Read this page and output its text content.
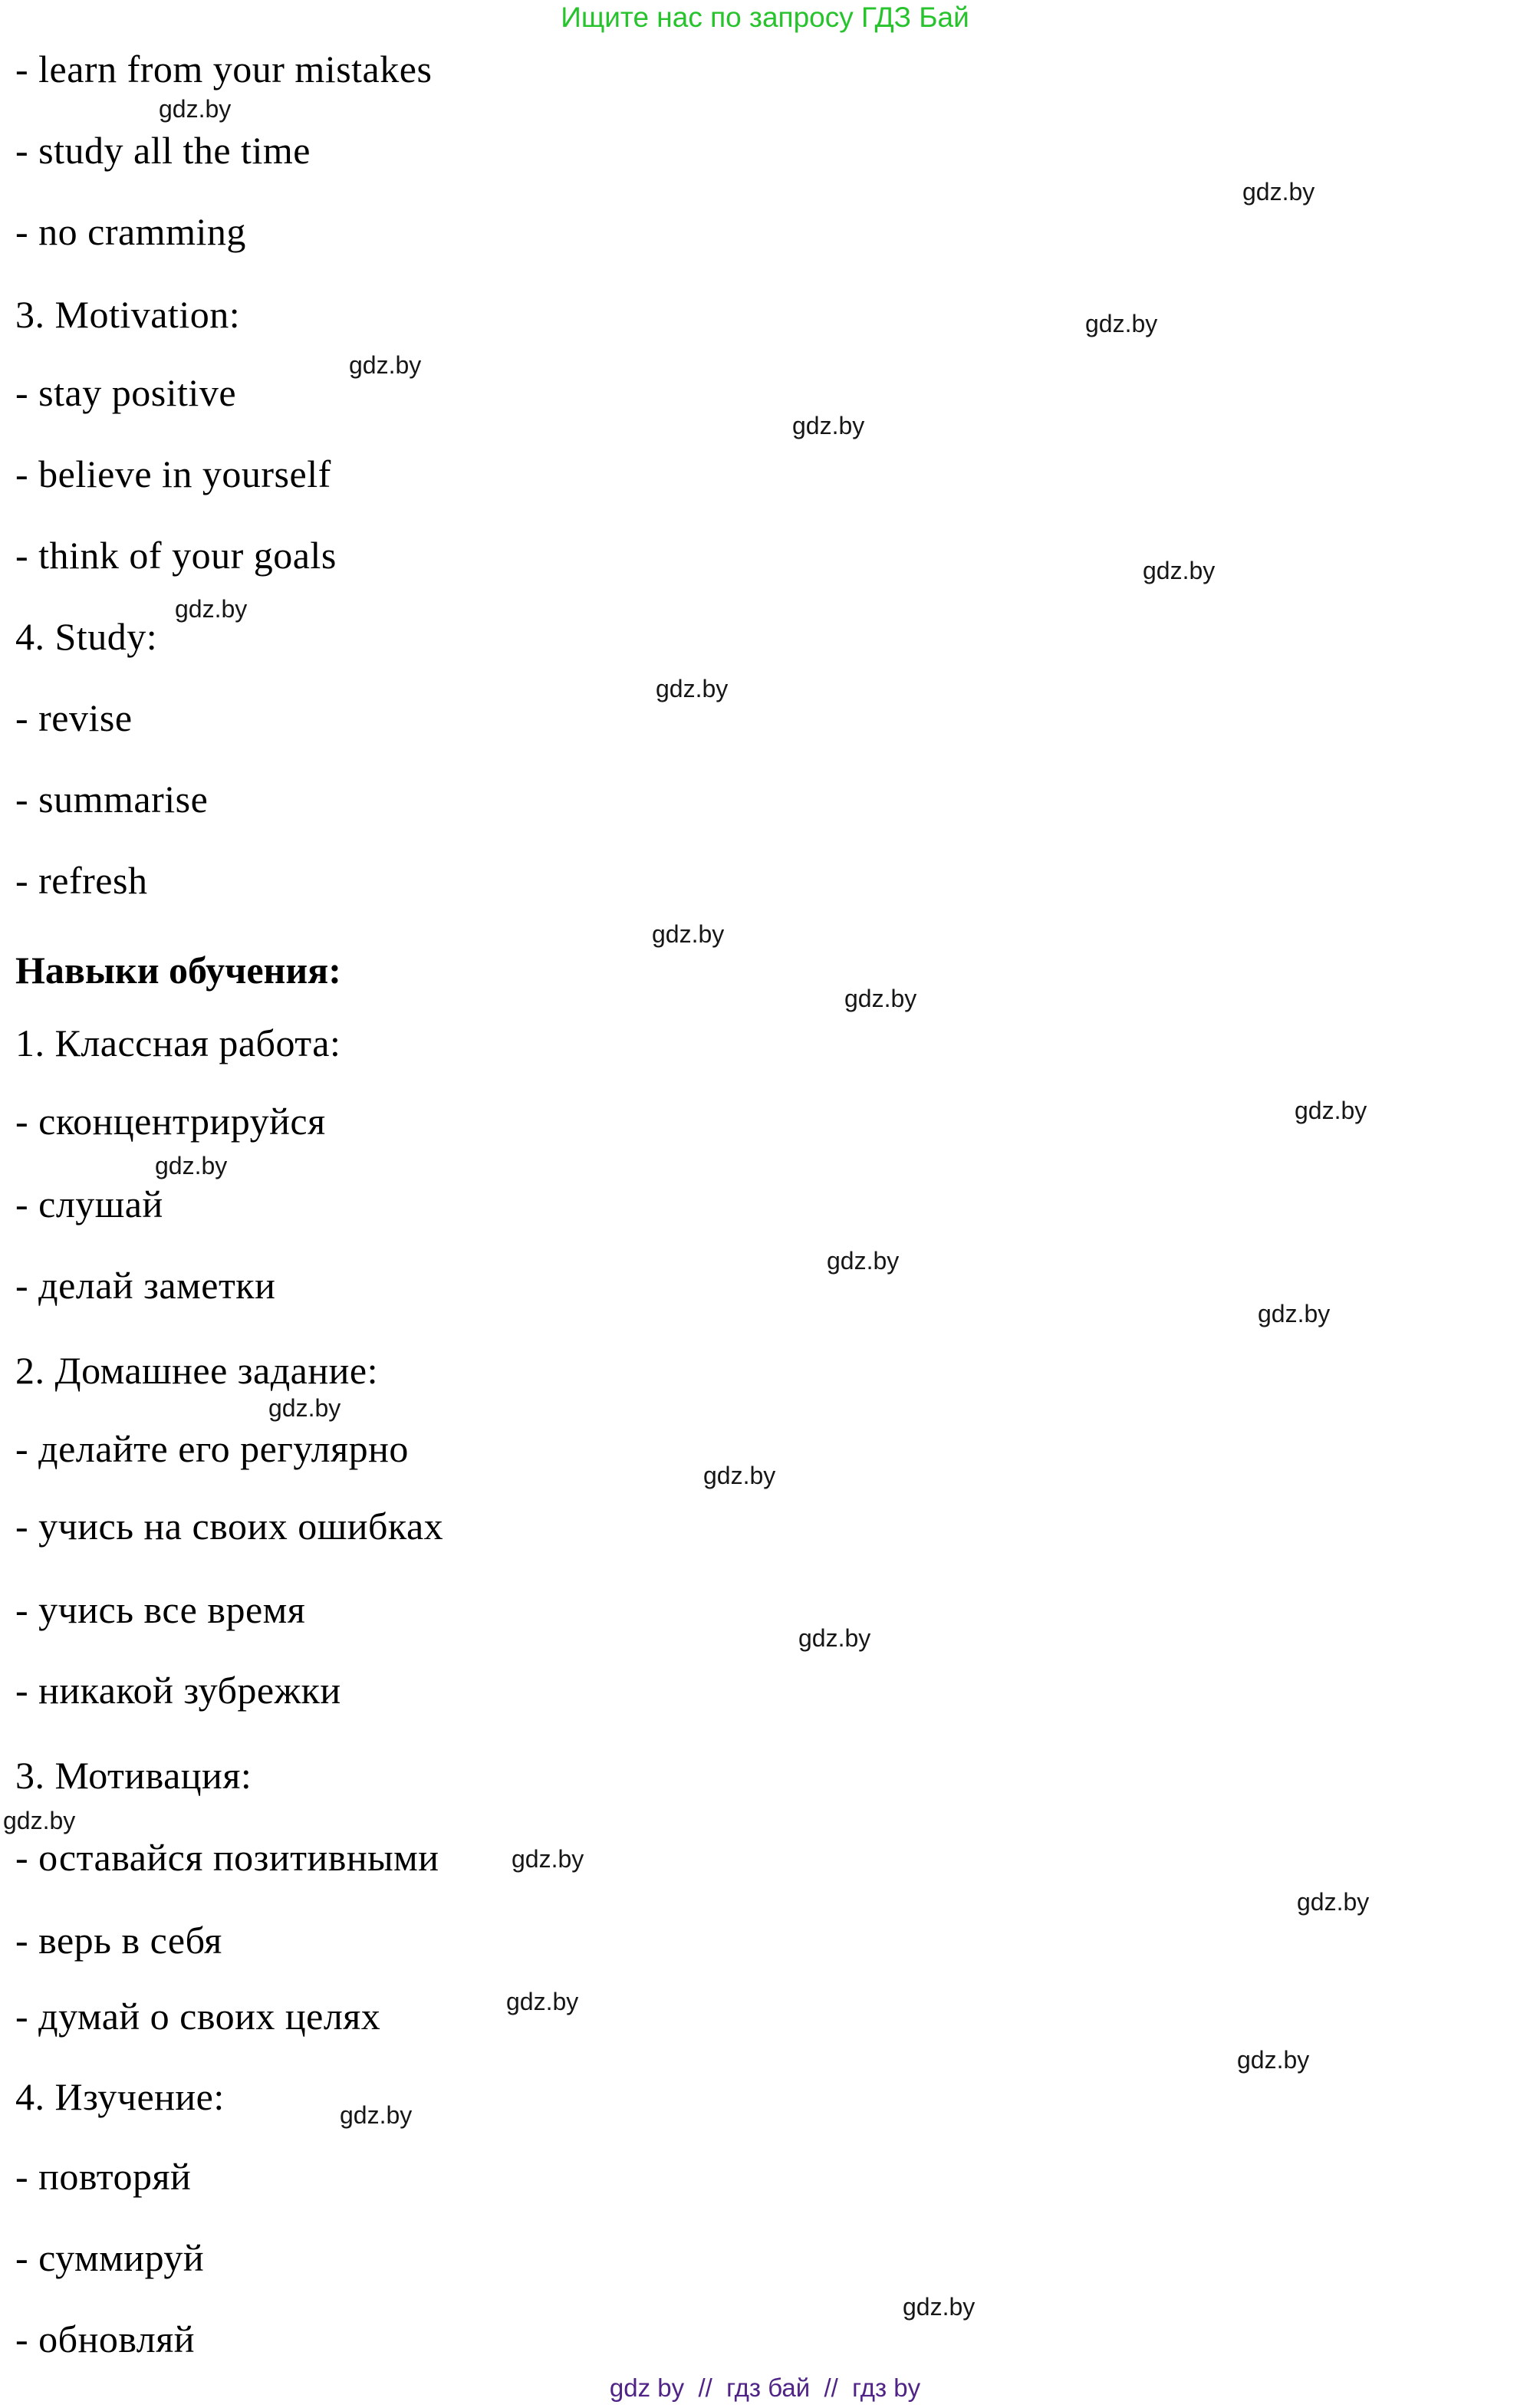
Ищите нас по запросу ГДЗ Бай
- learn from your mistakes
- study all the time
- no cramming
3. Motivation:
- stay positive
- believe in yourself
- think of your goals
4. Study:
- revise
- summarise
- refresh
Навыки обучения:
1. Классная работа:
- сконцентрируйся
- слушай
- делай заметки
2. Домашнее задание:
- делайте его регулярно
- учись на своих ошибках
- учись все время
- никакой зубрежки
3. Мотивация:
- оставайся позитивными
- верь в себя
- думай о своих целях
4. Изучение:
- повторяй
- суммируй
- обновляй
gdz.by
gdz.by
gdz.by
gdz.by
gdz.by
gdz.by
gdz.by
gdz.by
gdz.by
gdz.by
gdz.by
gdz.by
gdz.by
gdz.by
gdz.by
gdz.by
gdz.by
gdz.by
gdz.by
gdz.by
gdz.by
gdz.by
gdz.by
gdz.by
gdz by  //  гдз бай  //  гдз by
